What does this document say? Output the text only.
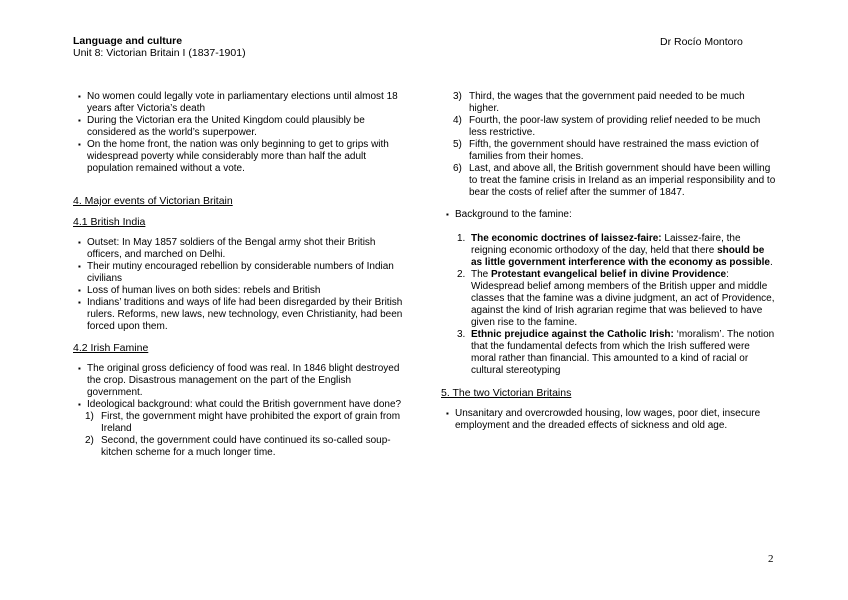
Language and culture
Unit 8: Victorian Britain I (1837-1901)
Dr Rocío Montoro
▪ No women could legally vote in parliamentary elections until almost 18 years after Victoria’s death
▪ During the Victorian era the United Kingdom could plausibly be considered as the world’s superpower.
▪ On the home front, the nation was only beginning to get to grips with widespread poverty while considerably more than half the adult population remained without a vote.

4. Major events of Victorian Britain

4.1 British India

▪ Outset: In May 1857 soldiers of the Bengal army shot their British officers, and marched on Delhi.
▪ Their mutiny encouraged rebellion by considerable numbers of Indian civilians
▪ Loss of human lives on both sides: rebels and British
▪ Indians’ traditions and ways of life had been disregarded by their British rulers. Reforms, new laws, new technology, even Christianity, had been forced upon them.

4.2 Irish Famine

▪ The original gross deficiency of food was real. In 1846 blight destroyed the crop. Disastrous management on the part of the English government.
▪ Ideological background: what could the British government have done?
1) First, the government might have prohibited the export of grain from Ireland
2) Second, the government could have continued its so-called soup-kitchen scheme for a much longer time.
3) Third, the wages that the government paid needed to be much higher.
4) Fourth, the poor-law system of providing relief needed to be much less restrictive.
5) Fifth, the government should have restrained the mass eviction of families from their homes.
6) Last, and above all, the British government should have been willing to treat the famine crisis in Ireland as an imperial responsibility and to bear the costs of relief after the summer of 1847.
▪ Background to the famine:
1. The economic doctrines of laissez-faire: Laissez-faire, the reigning economic orthodoxy of the day, held that there should be as little government interference with the economy as possible.
2. The Protestant evangelical belief in divine Providence: Widespread belief among members of the British upper and middle classes that the famine was a divine judgment, an act of Providence, against the kind of Irish agrarian regime that was believed to have given rise to the famine.
3. Ethnic prejudice against the Catholic Irish: ‘moralism’. The notion that the fundamental defects from which the Irish suffered were moral rather than financial. This amounted to a kind of racial or cultural stereotyping

5. The two Victorian Britains

▪ Unsanitary and overcrowded housing, low wages, poor diet, insecure employment and the dreaded effects of sickness and old age.
2
